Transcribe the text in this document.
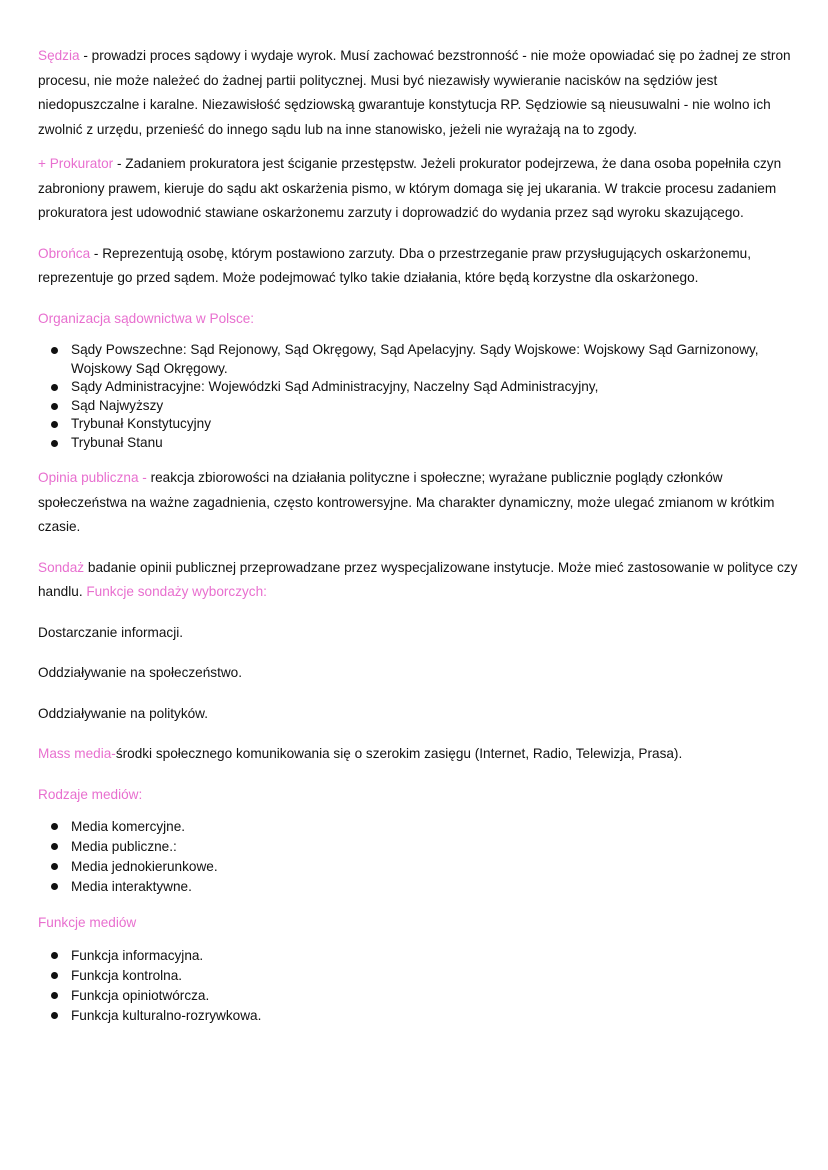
Sędzia - prowadzi proces sądowy i wydaje wyrok. Musí zachować bezstronność - nie może opowiadać się po żadnej ze stron procesu, nie może należeć do żadnej partii politycznej. Musi być niezawisły wywieranie nacisków na sędziów jest niedopuszczalne i karalne. Niezawisłość sędziowską gwarantuje konstytucja RP. Sędziowie są nieusuwalni - nie wolno ich zwolnić z urzędu, przenieść do innego sądu lub na inne stanowisko, jeżeli nie wyrażają na to zgody.

+ Prokurator - Zadaniem prokuratora jest ściganie przestępstw. Jeżeli prokurator podejrzewa, że dana osoba popełniła czyn zabroniony prawem, kieruje do sądu akt oskarżenia pismo, w którym domaga się jej ukarania. W trakcie procesu zadaniem prokuratora jest udowodnić stawiane oskarżonemu zarzuty i doprowadzić do wydania przez sąd wyroku skazującego.

Obrońca - Reprezentują osobę, którym postawiono zarzuty. Dba o przestrzeganie praw przysługujących oskarżonemu, reprezentuje go przed sądem. Może podejmować tylko takie działania, które będą korzystne dla oskarżonego.

Organizacja sądownictwa w Polsce:

Sądy Powszechne: Sąd Rejonowy, Sąd Okręgowy, Sąd Apelacyjny. Sądy Wojskowe: Wojskowy Sąd Garnizonowy, Wojskowy Sąd Okręgowy.
Sądy Administracyjne: Wojewódzki Sąd Administracyjny, Naczelny Sąd Administracyjny,
Sąd Najwyższy
Trybunał Konstytucyjny
Trybunał Stanu

Opinia publiczna - reakcja zbiorowości na działania polityczne i społeczne; wyrażane publicznie poglądy członków społeczeństwa na ważne zagadnienia, często kontrowersyjne. Ma charakter dynamiczny, może ulegać zmianom w krótkim czasie.

Sondaż badanie opinii publicznej przeprowadzane przez wyspecjalizowane instytucje. Może mieć zastosowanie w polityce czy handlu. Funkcje sondaży wyborczych:

Dostarczanie informacji.

Oddziaływanie na społeczeństwo.

Oddziaływanie na polityków.

Mass media-środki społecznego komunikowania się o szerokim zasięgu (Internet, Radio, Telewizja, Prasa).

Rodzaje mediów:

Media komercyjne.
Media publiczne.:
Media jednokierunkowe.
Media interaktywne.

Funkcje mediów

Funkcja informacyjna.
Funkcja kontrolna.
Funkcja opiniotwórcza.
Funkcja kulturalno-rozrywkowa.
